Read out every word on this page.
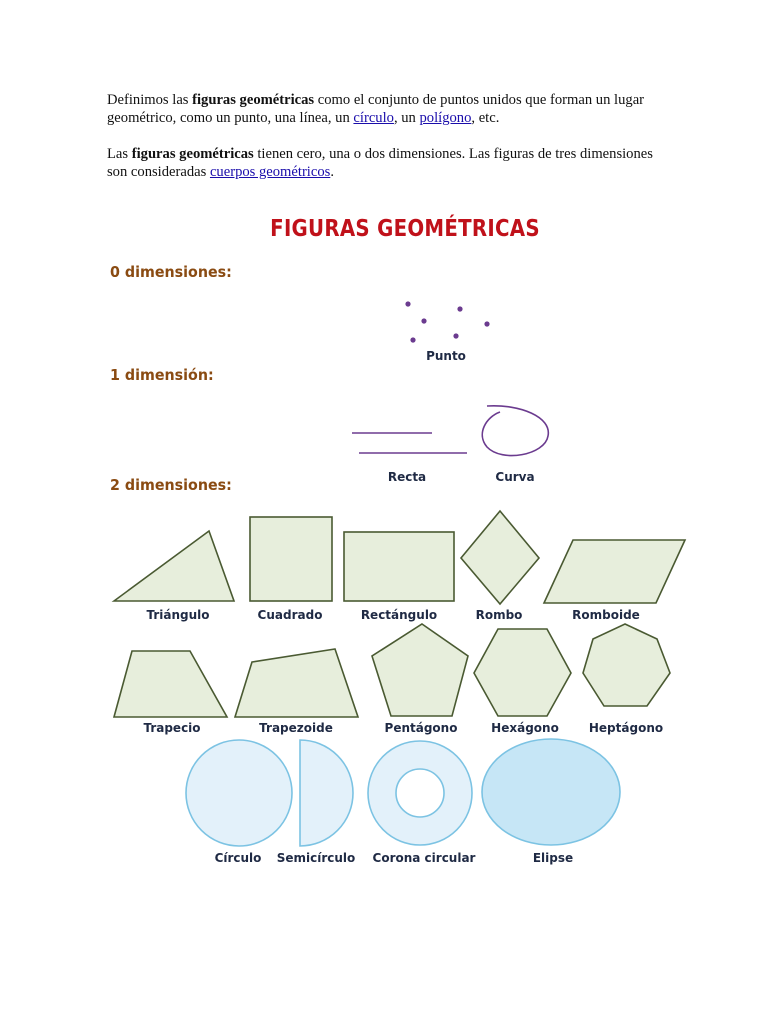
Definimos las figuras geométricas como el conjunto de puntos unidos que forman un lugar geométrico, como un punto, una línea, un círculo, un polígono, etc.
Las figuras geométricas tienen cero, una o dos dimensiones. Las figuras de tres dimensiones son consideradas cuerpos geométricos.
FIGURAS GEOMÉTRICAS
0 dimensiones:
1 dimensión:
2 dimensiones:
Punto
Recta	Curva
Triángulo	Cuadrado	Rectángulo	Rombo	Romboide
Trapecio	Trapezoide	Pentágono	Hexágono	Heptágono
Círculo Semicírculo Corona circular	Elipse
